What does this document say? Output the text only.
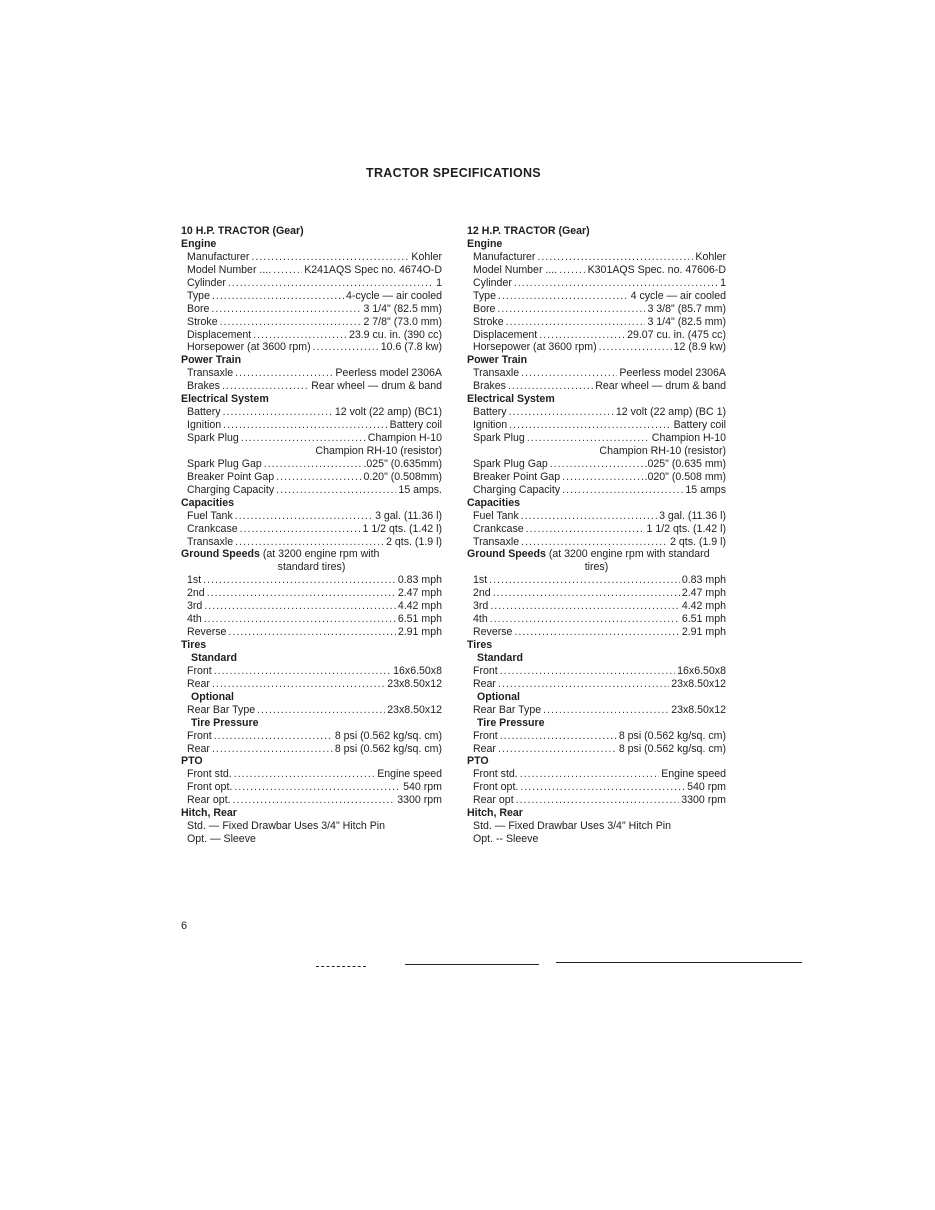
TRACTOR SPECIFICATIONS
10 H.P. TRACTOR (Gear)
Engine
Manufacturer .....	Kohler
Model Number .... .....	K241AQS Spec no. 4674O-D
Cylinder .....	1
Type .....	4-cycle — air cooled
Bore .....	3 1/4" (82.5 mm)
Stroke .....	2 7/8" (73.0 mm)
Displacement .....	23.9 cu. in. (390 cc)
Horsepower (at 3600 rpm) .....	10.6 (7.8 kw)
Power Train
Transaxle .....	Peerless model 2306A
Brakes .....	Rear wheel — drum & band
Electrical System
Battery .....	12 volt (22 amp) (BC1)
Ignition .....	Battery coil
Spark Plug .....	Champion H-10
Champion RH-10 (resistor)
Spark Plug Gap .....	.025" (0.635mm)
Breaker Point Gap .....	0.20" (0.508mm)
Charging Capacity .....	15 amps.
Capacities
Fuel Tank .....	3 gal. (11.36 l)
Crankcase .....	1 1/2 qts. (1.42 l)
Transaxle .....	2 qts. (1.9 l)
Ground Speeds (at 3200 engine rpm with
standard tires)
1st .....	0.83 mph
2nd .....	2.47 mph
3rd .....	4.42 mph
4th .....	6.51 mph
Reverse .....	2.91 mph
Tires
Standard
Front .....	16x6.50x8
Rear .....	23x8.50x12
Optional
Rear Bar Type .....	23x8.50x12
Tire Pressure
Front .....	8 psi (0.562 kg/sq. cm)
Rear .....	8 psi (0.562 kg/sq. cm)
PTO
Front std. .....	Engine speed
Front opt. .....	540 rpm
Rear opt. .....	3300 rpm
Hitch, Rear
Std. — Fixed Drawbar Uses 3/4" Hitch Pin
Opt. — Sleeve
12 H.P. TRACTOR (Gear)
Engine
Manufacturer .....	Kohler
Model Number .... .....	K301AQS Spec. no. 47606-D
Cylinder .....	1
Type .....	4 cycle — air cooled
Bore .....	3 3/8" (85.7 mm)
Stroke .....	3 1/4" (82.5 mm)
Displacement .....	29.07 cu. in. (475 cc)
Horsepower (at 3600 rpm) .....	12 (8.9 kw)
Power Train
Transaxle .....	Peerless model 2306A
Brakes .....	Rear wheel — drum & band
Electrical System
Battery .....	12 volt (22 amp) (BC 1)
Ignition .....	Battery coil
Spark Plug .....	Champion H-10
Champion RH-10 (resistor)
Spark Plug Gap .....	.025" (0.635 mm)
Breaker Point Gap .....	.020" (0.508 mm)
Charging Capacity .....	15 amps
Capacities
Fuel Tank .....	3 gal. (11.36 l)
Crankcase .....	1 1/2 qts. (1.42 l)
Transaxle .....	2 qts. (1.9 l)
Ground Speeds (at 3200 engine rpm with standard
tires)
1st .....	0.83 mph
2nd .....	2.47 mph
3rd .....	4.42 mph
4th .....	6.51 mph
Reverse .....	2.91 mph
Tires
Standard
Front .....	16x6.50x8
Rear .....	23x8.50x12
Optional
Rear Bar Type .....	23x8.50x12
Tire Pressure
Front .....	8 psi (0.562 kg/sq. cm)
Rear .....	8 psi (0.562 kg/sq. cm)
PTO
Front std. .....	Engine speed
Front opt. .....	540 rpm
Rear opt .....	3300 rpm
Hitch, Rear
Std. — Fixed Drawbar Uses 3/4" Hitch Pin
Opt. -- Sleeve
6
